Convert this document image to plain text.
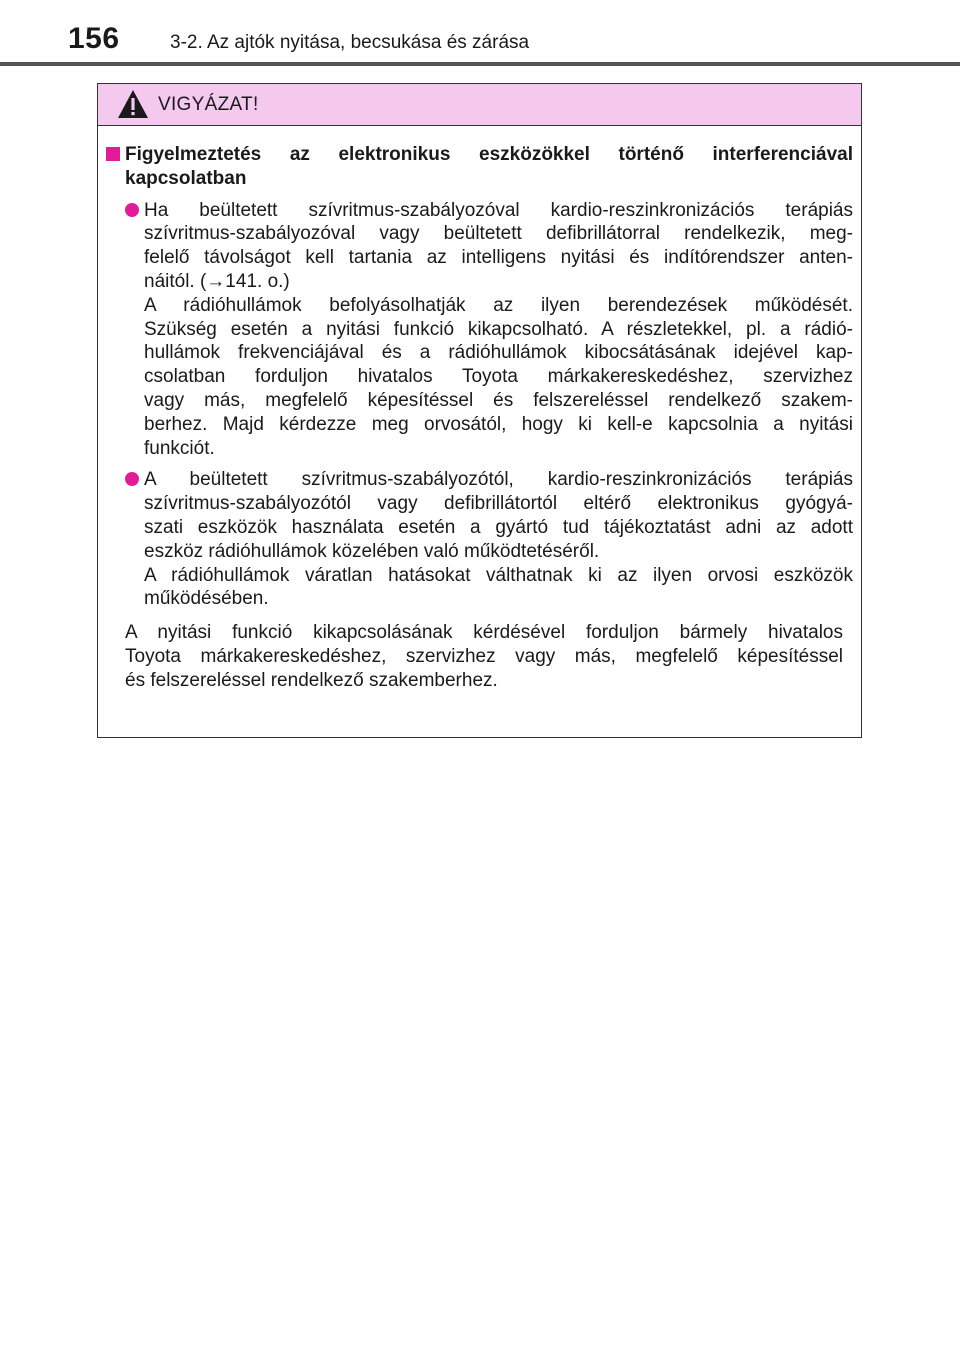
156	3-2. Az ajtók nyitása, becsukása és zárása
VIGYÁZAT!
Figyelmeztetés az elektronikus eszközökkel történő interferenciával
kapcsolatban
Ha beültetett szívritmus-szabályozóval kardio-reszinkronizációs terápiás
szívritmus-szabályozóval vagy beültetett defibrillátorral rendelkezik, meg-
felelő távolságot kell tartania az intelligens nyitási és indítórendszer anten-
náitól. (→141. o.)
A rádióhullámok befolyásolhatják az ilyen berendezések működését.
Szükség esetén a nyitási funkció kikapcsolható. A részletekkel, pl. a rádió-
hullámok frekvenciájával és a rádióhullámok kibocsátásának idejével kap-
csolatban forduljon hivatalos Toyota márkakereskedéshez, szervizhez
vagy más, megfelelő képesítéssel és felszereléssel rendelkező szakem-
berhez. Majd kérdezze meg orvosától, hogy ki kell-e kapcsolnia a nyitási
funkciót.
A beültetett szívritmus-szabályozótól, kardio-reszinkronizációs terápiás
szívritmus-szabályozótól vagy defibrillátortól eltérő elektronikus gyógyá-
szati eszközök használata esetén a gyártó tud tájékoztatást adni az adott
eszköz rádióhullámok közelében való működtetéséről.
A rádióhullámok váratlan hatásokat válthatnak ki az ilyen orvosi eszközök
működésében.
A nyitási funkció kikapcsolásának kérdésével forduljon bármely hivatalos
Toyota márkakereskedéshez, szervizhez vagy más, megfelelő képesítéssel
és felszereléssel rendelkező szakemberhez.
